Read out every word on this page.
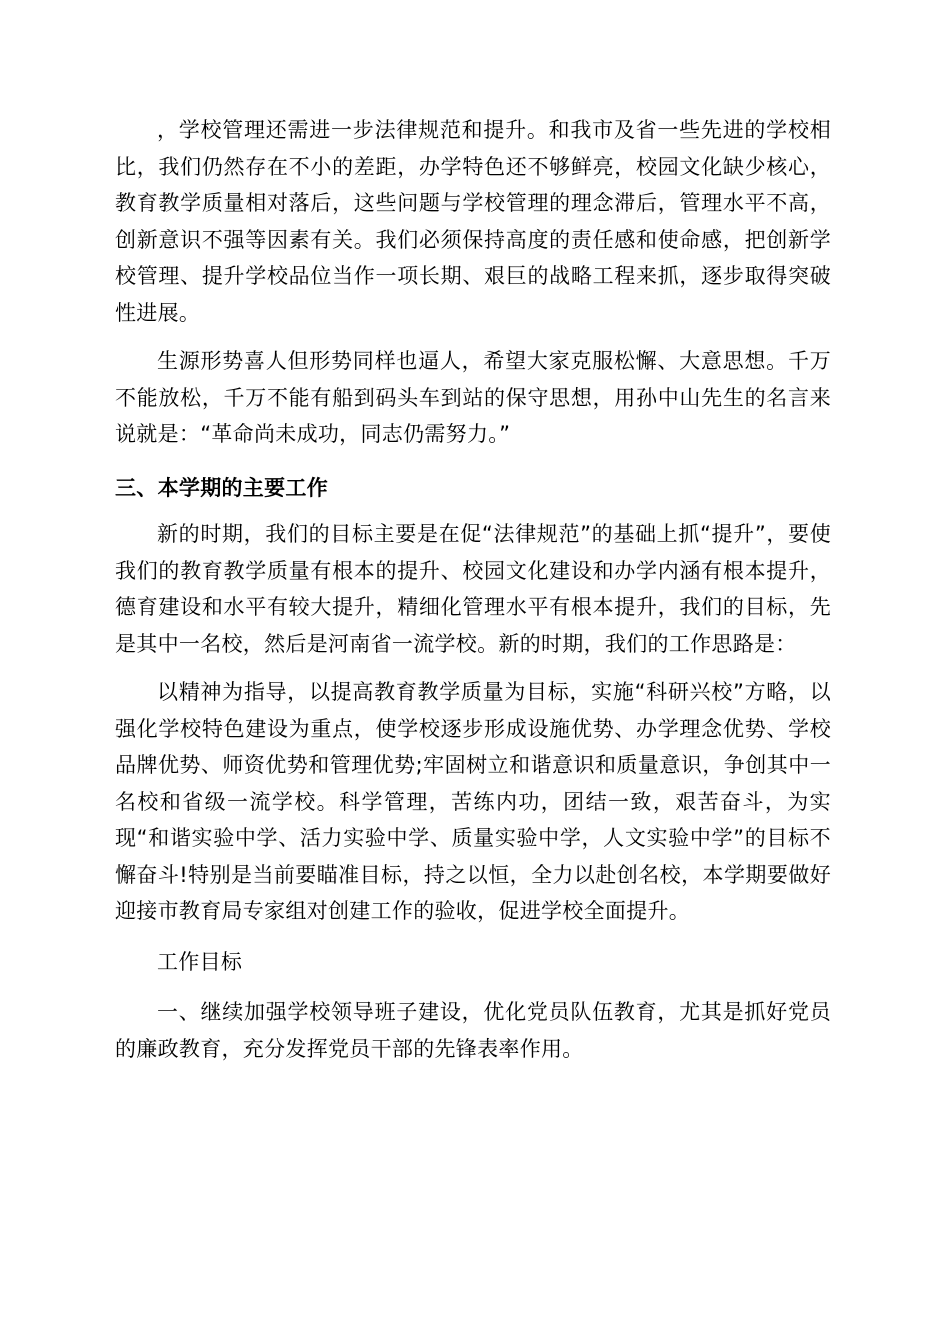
，学校管理还需进一步法律规范和提升。和我市及省一些先进的学校相比，我们仍然存在不小的差距，办学特色还不够鲜亮，校园文化缺少核心，教育教学质量相对落后，这些问题与学校管理的理念滞后，管理水平不高，创新意识不强等因素有关。我们必须保持高度的责任感和使命感，把创新学校管理、提升学校品位当作一项长期、艰巨的战略工程来抓，逐步取得突破性进展。

生源形势喜人但形势同样也逼人，希望大家克服松懈、大意思想。千万不能放松，千万不能有船到码头车到站的保守思想，用孙中山先生的名言来说就是：“革命尚未成功，同志仍需努力。”

三、本学期的主要工作

新的时期，我们的目标主要是在促“法律规范”的基础上抓“提升”，要使我们的教育教学质量有根本的提升、校园文化建设和办学内涵有根本提升，德育建设和水平有较大提升，精细化管理水平有根本提升，我们的目标，先是其中一名校，然后是河南省一流学校。新的时期，我们的工作思路是：

以精神为指导，以提高教育教学质量为目标，实施“科研兴校”方略，以强化学校特色建设为重点，使学校逐步形成设施优势、办学理念优势、学校品牌优势、师资优势和管理优势;牢固树立和谐意识和质量意识，争创其中一名校和省级一流学校。科学管理，苦练内功，团结一致，艰苦奋斗，为实现“和谐实验中学、活力实验中学、质量实验中学，人文实验中学”的目标不懈奋斗!特别是当前要瞄准目标，持之以恒，全力以赴创名校，本学期要做好迎接市教育局专家组对创建工作的验收，促进学校全面提升。

工作目标

一、继续加强学校领导班子建设，优化党员队伍教育，尤其是抓好党员的廉政教育，充分发挥党员干部的先锋表率作用。
